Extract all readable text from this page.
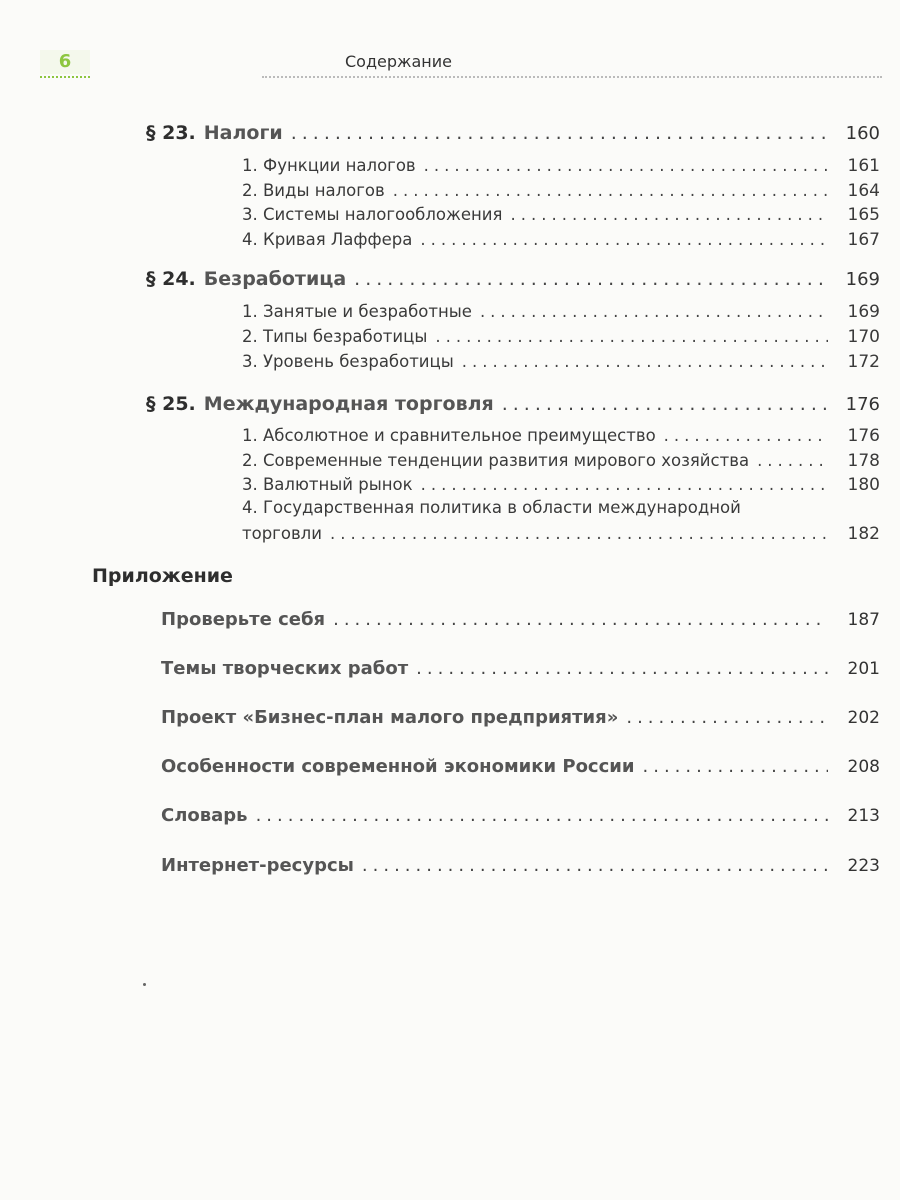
6	Содержание
§ 23. Налоги .....	160
1. Функции налогов .....	161
2. Виды налогов .....	164
3. Системы налогообложения .....	165
4. Кривая Лаффера .....	167
§ 24. Безработица .....	169
1. Занятые и безработные .....	169
2. Типы безработицы .....	170
3. Уровень безработицы .....	172
§ 25. Международная торговля .....	176
1. Абсолютное и сравнительное преимущество .....	176
2. Современные тенденции развития мирового хозяйства .....	178
3. Валютный рынок .....	180
4. Государственная политика в области международной
торговли .....	182
Приложение
Проверьте себя .....	187
Темы творческих работ .....	201
Проект «Бизнес-план малого предприятия» .....	202
Особенности современной экономики России .....	208
Словарь .....	213
Интернет-ресурсы .....	223
